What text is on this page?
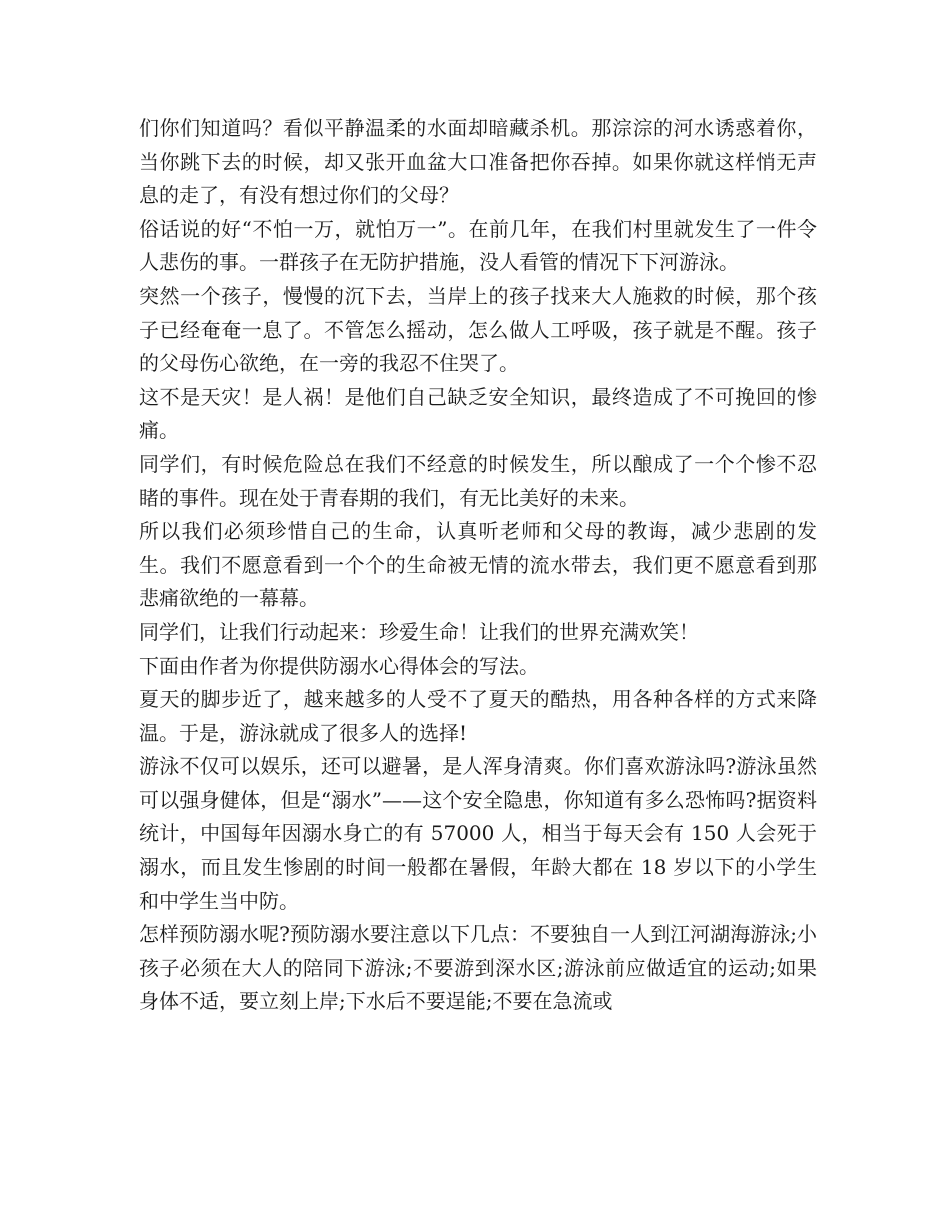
们你们知道吗？看似平静温柔的水面却暗藏杀机。那淙淙的河水诱惑着你，当你跳下去的时候，却又张开血盆大口准备把你吞掉。如果你就这样悄无声息的走了，有没有想过你们的父母？

俗话说的好“不怕一万，就怕万一”。在前几年，在我们村里就发生了一件令人悲伤的事。一群孩子在无防护措施，没人看管的情况下下河游泳。

突然一个孩子，慢慢的沉下去，当岸上的孩子找来大人施救的时候，那个孩子已经奄奄一息了。不管怎么摇动，怎么做人工呼吸，孩子就是不醒。孩子的父母伤心欲绝，在一旁的我忍不住哭了。

这不是天灾！是人祸！是他们自己缺乏安全知识，最终造成了不可挽回的惨痛。

同学们，有时候危险总在我们不经意的时候发生，所以酿成了一个个惨不忍睹的事件。现在处于青春期的我们，有无比美好的未来。

所以我们必须珍惜自己的生命，认真听老师和父母的教诲，减少悲剧的发生。我们不愿意看到一个个的生命被无情的流水带去，我们更不愿意看到那悲痛欲绝的一幕幕。

同学们，让我们行动起来：珍爱生命！让我们的世界充满欢笑！

下面由作者为你提供防溺水心得体会的写法。

夏天的脚步近了，越来越多的人受不了夏天的酷热，用各种各样的方式来降温。于是，游泳就成了很多人的选择!

游泳不仅可以娱乐，还可以避暑，是人浑身清爽。你们喜欢游泳吗?游泳虽然可以强身健体，但是“溺水”——这个安全隐患，你知道有多么恐怖吗?据资料统计，中国每年因溺水身亡的有 57000 人，相当于每天会有 150 人会死于溺水，而且发生惨剧的时间一般都在暑假，年龄大都在 18 岁以下的小学生和中学生当中防。

怎样预防溺水呢?预防溺水要注意以下几点：不要独自一人到江河湖海游泳;小孩子必须在大人的陪同下游泳;不要游到深水区;游泳前应做适宜的运动;如果身体不适，要立刻上岸;下水后不要逞能;不要在急流或
